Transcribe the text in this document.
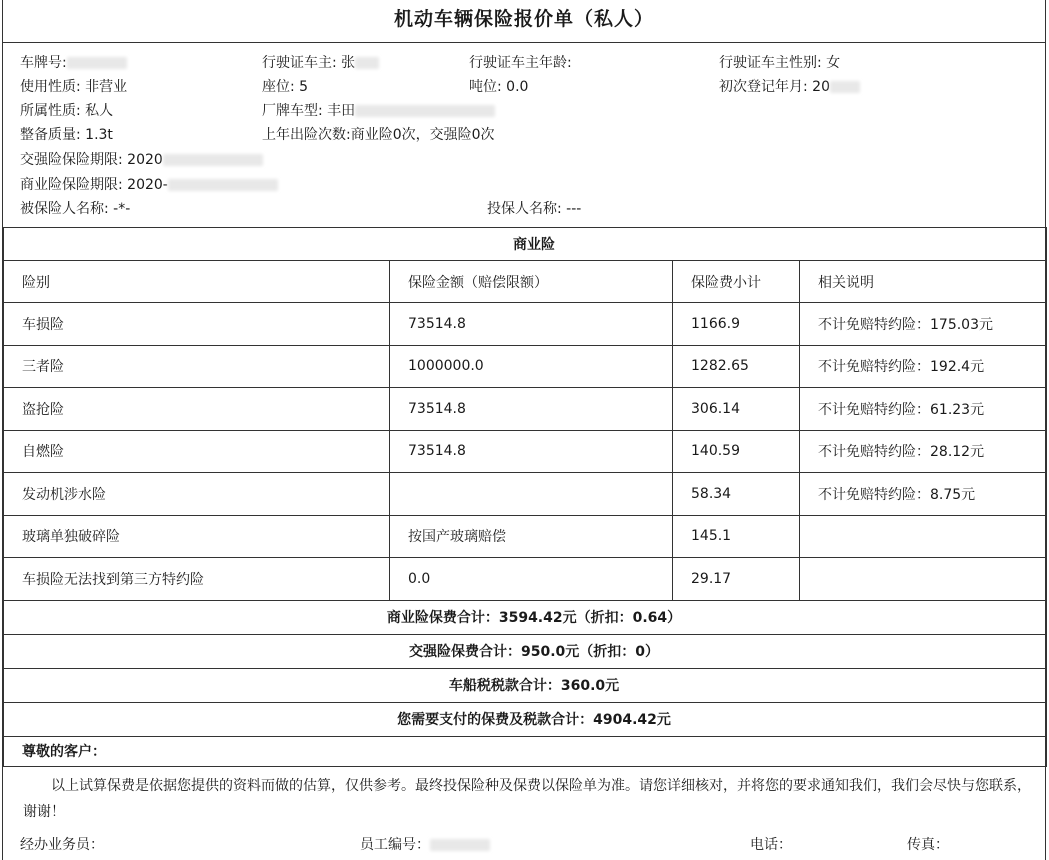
机动车辆保险报价单（私人）
车牌号:
使用性质: 非营业
所属性质: 私人
整备质量: 1.3t
交强险保险期限: 2020
商业险保险期限: 2020-
被保险人名称: -*-
行驶证车主: 张
座位: 5
厂牌车型: 丰田
上年出险次数:商业险0次，交强险0次
行驶证车主年龄:
吨位: 0.0
投保人名称: ---
行驶证车主性别: 女
初次登记年月: 20
商业险			
险别	保险金额（赔偿限额）	保险费小计	相关说明
车损险	73514.8	1166.9	不计免赔特约险：175.03元
三者险	1000000.0	1282.65	不计免赔特约险：192.4元
盗抢险	73514.8	306.14	不计免赔特约险：61.23元
自燃险	73514.8	140.59	不计免赔特约险：28.12元
发动机涉水险		58.34	不计免赔特约险：8.75元
玻璃单独破碎险	按国产玻璃赔偿	145.1	
车损险无法找到第三方特约险	0.0	29.17	
商业险保费合计：3594.42元（折扣：0.64）			
交强险保费合计：950.0元（折扣：0）			
车船税税款合计：360.0元			
您需要支付的保费及税款合计：4904.42元			
尊敬的客户：			
以上试算保费是依据您提供的资料而做的估算，仅供参考。最终投保险种及保费以保险单为准。请您详细核对，并将您的要求通知我们，我们会尽快与您联系，谢谢！
经办业务员：	员工编号：	电话：	传真：
